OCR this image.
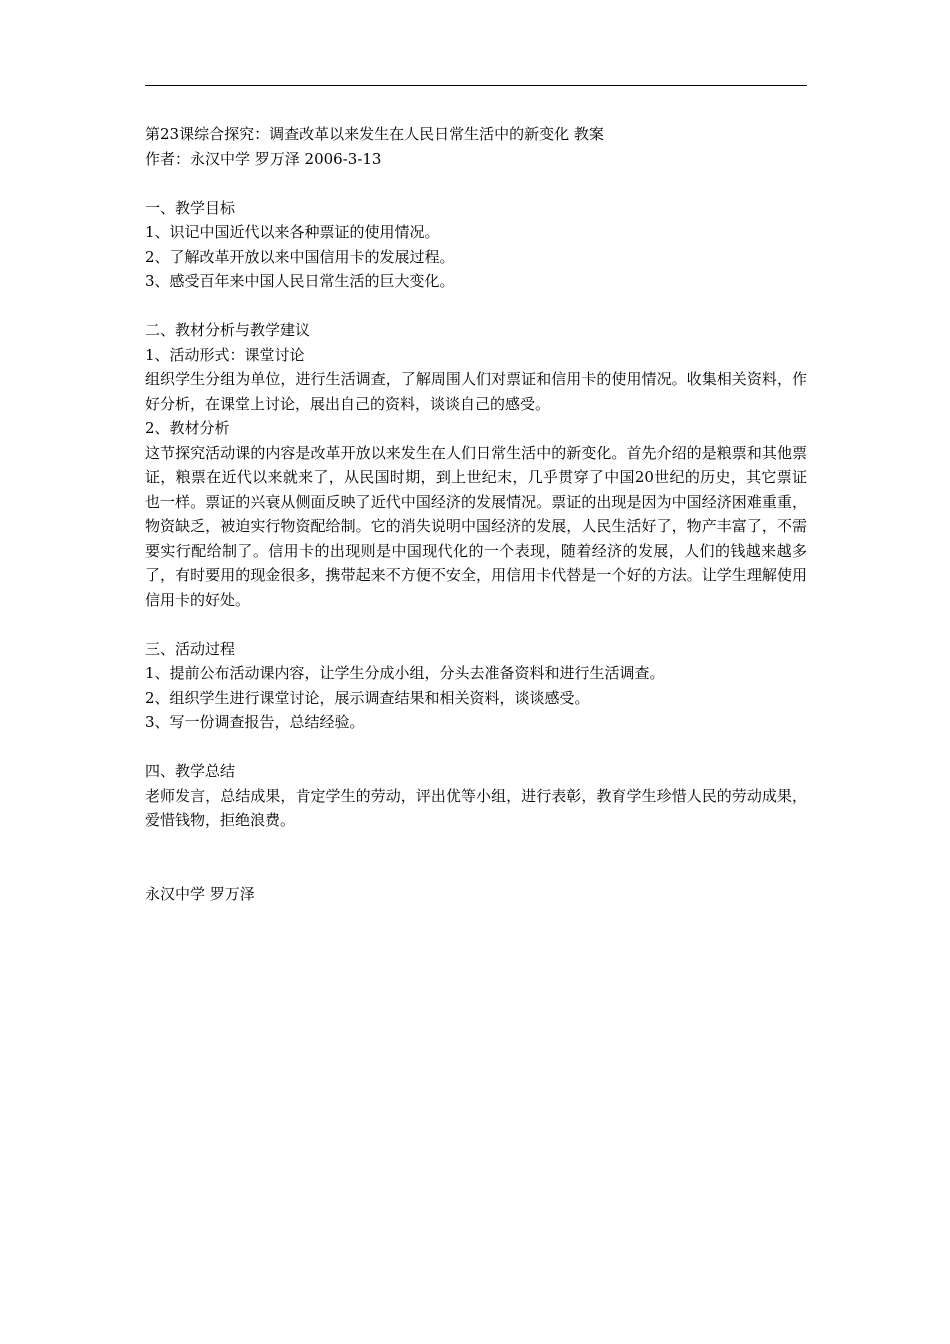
第23课综合探究：调查改革以来发生在人民日常生活中的新变化 教案
作者：永汉中学 罗万泽 2006-3-13
一、教学目标
1、识记中国近代以来各种票证的使用情况。
2、了解改革开放以来中国信用卡的发展过程。
3、感受百年来中国人民日常生活的巨大变化。
二、教材分析与教学建议
1、活动形式：课堂讨论
组织学生分组为单位，进行生活调查，了解周围人们对票证和信用卡的使用情况。收集相关资料，作好分析，在课堂上讨论，展出自己的资料，谈谈自己的感受。
2、教材分析
这节探究活动课的内容是改革开放以来发生在人们日常生活中的新变化。首先介绍的是粮票和其他票证，粮票在近代以来就来了，从民国时期，到上世纪末，几乎贯穿了中国20世纪的历史，其它票证也一样。票证的兴衰从侧面反映了近代中国经济的发展情况。票证的出现是因为中国经济困难重重，物资缺乏，被迫实行物资配给制。它的消失说明中国经济的发展，人民生活好了，物产丰富了，不需要实行配给制了。信用卡的出现则是中国现代化的一个表现，随着经济的发展，人们的钱越来越多了，有时要用的现金很多，携带起来不方便不安全，用信用卡代替是一个好的方法。让学生理解使用信用卡的好处。
三、活动过程
1、提前公布活动课内容，让学生分成小组，分头去准备资料和进行生活调查。
2、组织学生进行课堂讨论，展示调查结果和相关资料，谈谈感受。
3、写一份调查报告，总结经验。
四、教学总结
老师发言，总结成果，肯定学生的劳动，评出优等小组，进行表彰，教育学生珍惜人民的劳动成果，爱惜钱物，拒绝浪费。
永汉中学 罗万泽
